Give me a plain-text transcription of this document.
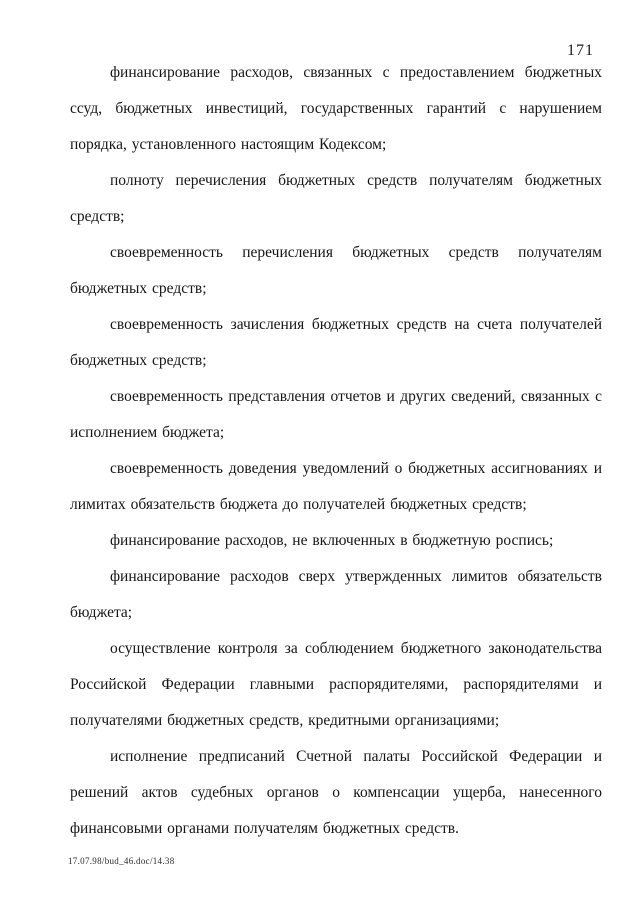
171

финансирование расходов, связанных с предоставлением бюджетных ссуд, бюджетных инвестиций, государственных гарантий с нарушением порядка, установленного настоящим Кодексом;

полноту перечисления бюджетных средств получателям бюджетных средств;

своевременность перечисления бюджетных средств получателям бюджетных средств;

своевременность зачисления бюджетных средств на счета получателей бюджетных средств;

своевременность представления отчетов и других сведений, связанных с исполнением бюджета;

своевременность доведения уведомлений о бюджетных ассигнованиях и лимитах обязательств бюджета до получателей бюджетных средств;

финансирование расходов, не включенных в бюджетную роспись;

финансирование расходов сверх утвержденных лимитов обязательств бюджета;

осуществление контроля за соблюдением бюджетного законодательства Российской Федерации главными распорядителями, распорядителями и получателями бюджетных средств, кредитными организациями;

исполнение предписаний Счетной палаты Российской Федерации и решений актов судебных органов о компенсации ущерба, нанесенного финансовыми органами получателям бюджетных средств.

17.07.98/bud_46.doc/14.38
